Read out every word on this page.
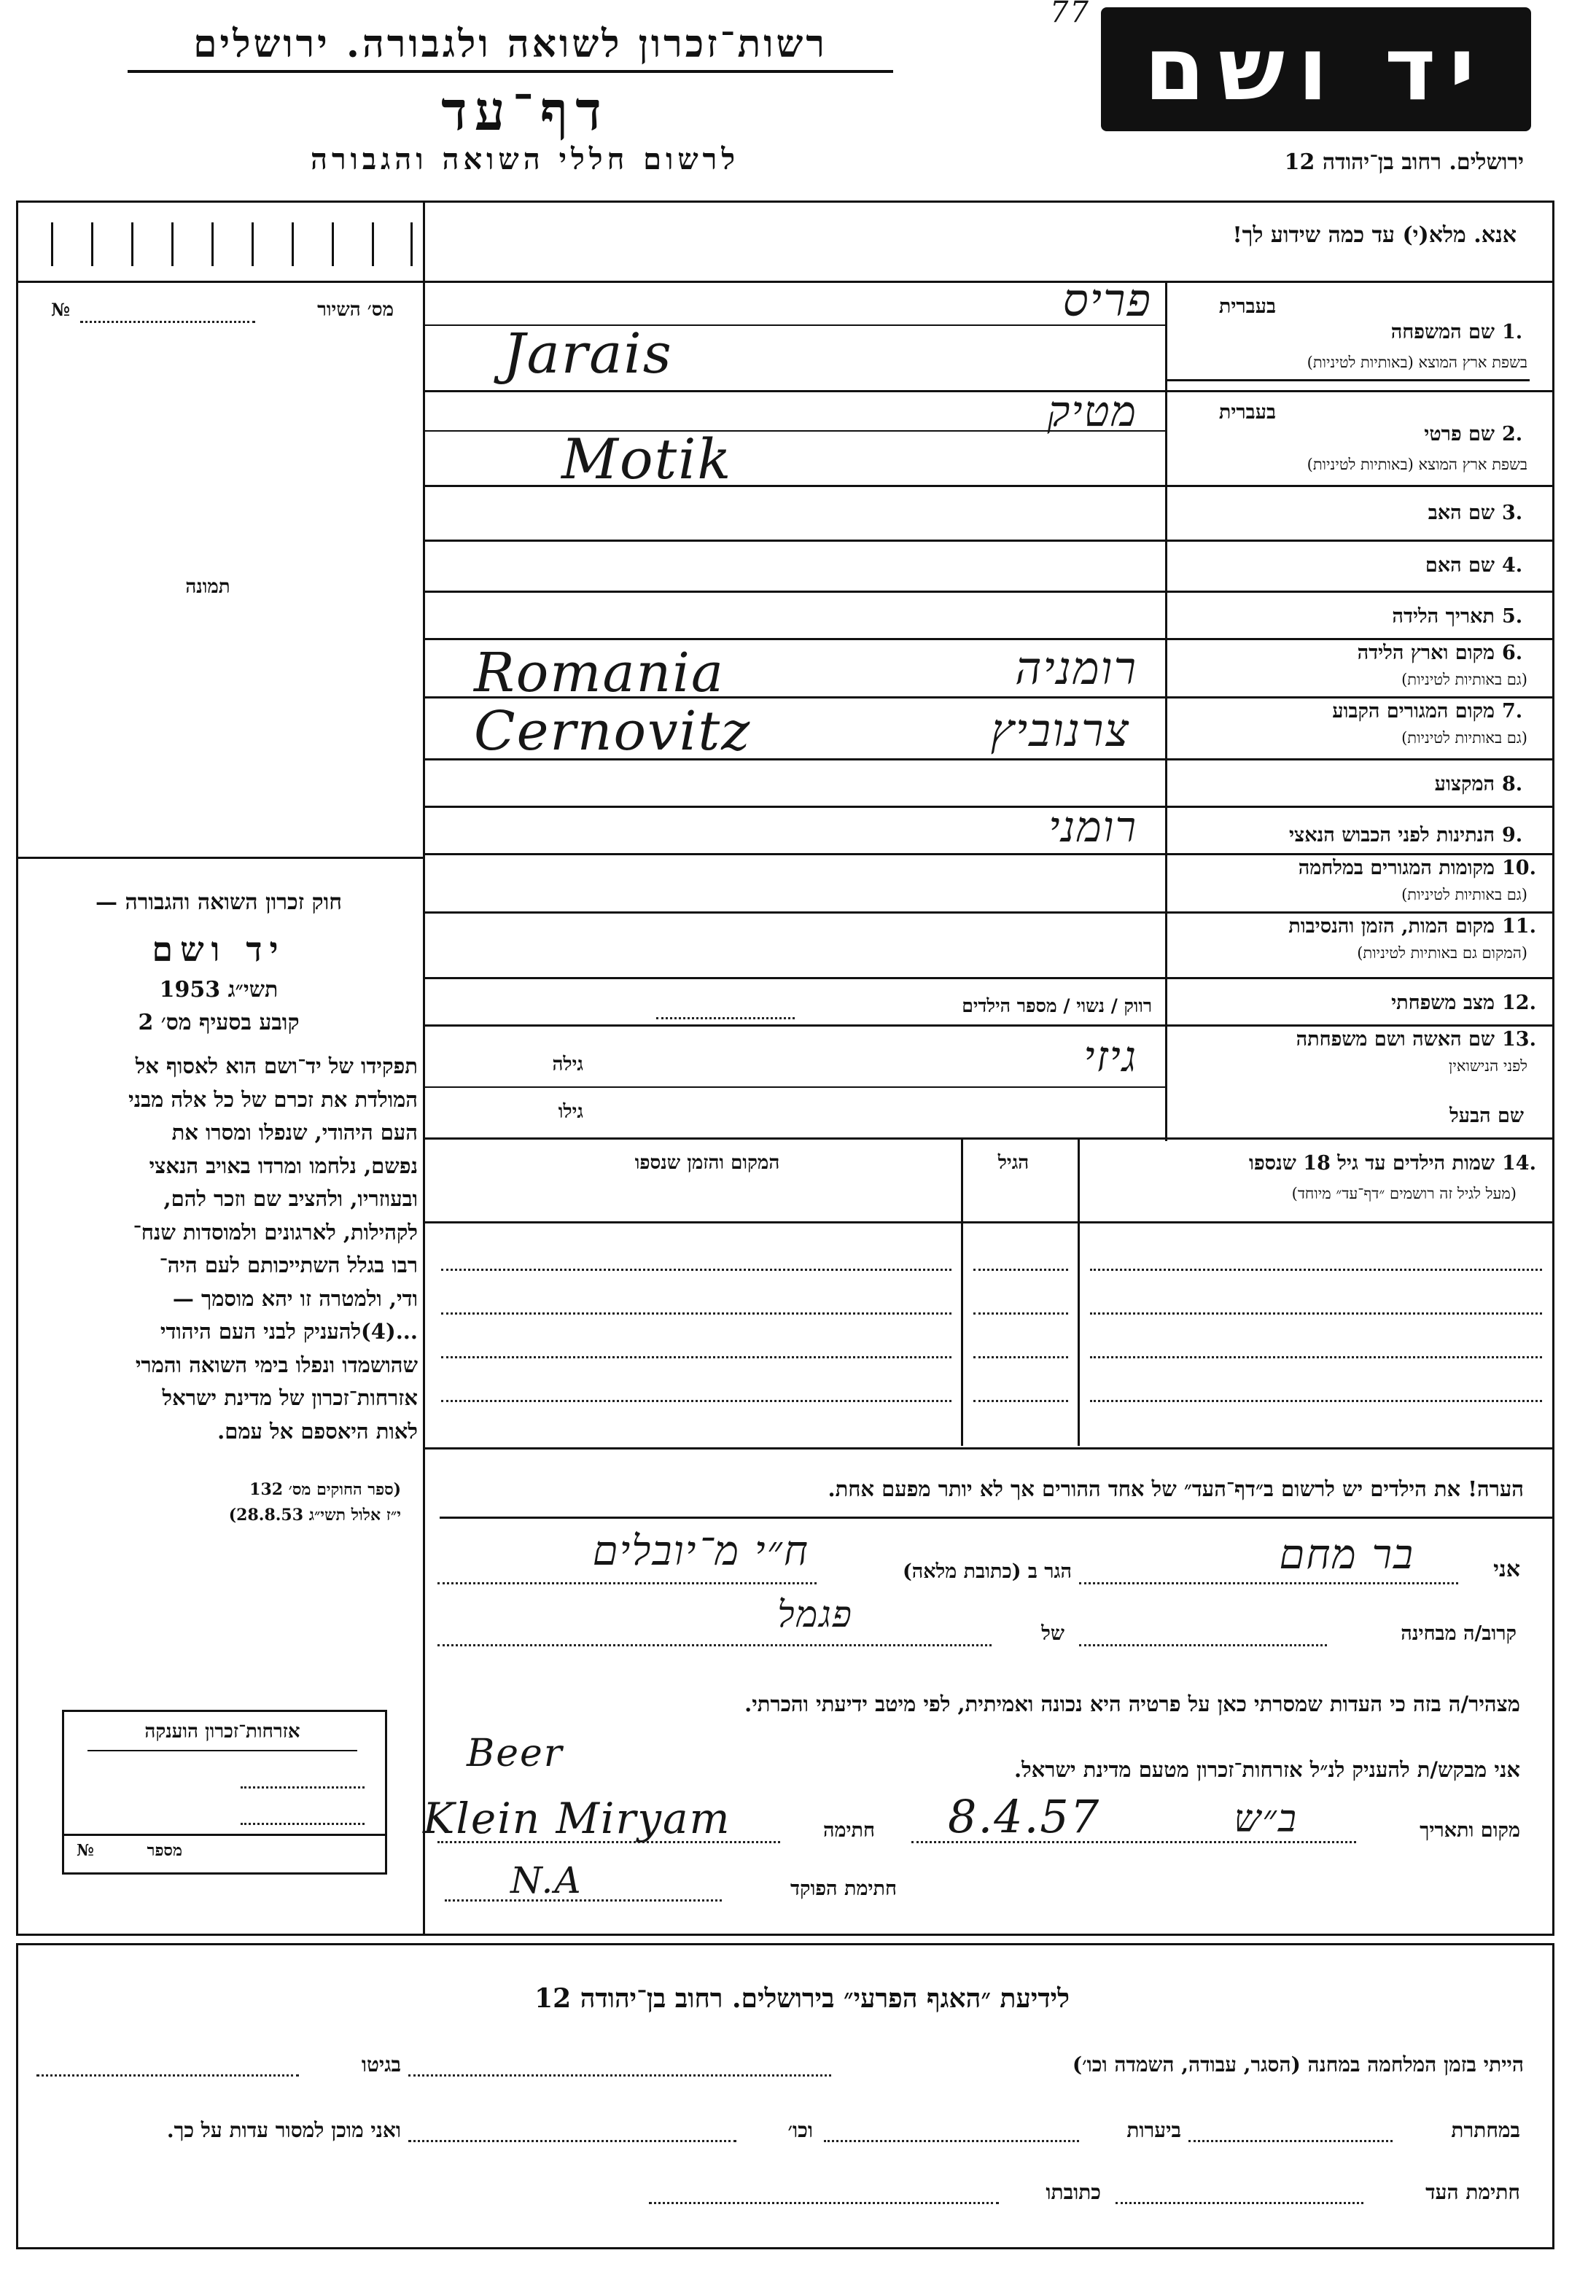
77
רשות־זכרון לשואה ולגבורה. ירושלים
דף־עד
לרשום חללי השואה והגבורה
יד ושם
ירושלים. רחוב בן־יהודה 12
אנא. מלא(י) עד כמה שידוע לך!
מס׳ השיור
№
תמונה
חוק זכרון השואה והגבורה —
יד ושם
תשי״ג 1953
קובע בסעיף מס׳ 2
תפקידו של יד־ושם הוא לאסוף אל
המולדת את זכרם של כל אלה מבני
העם היהודי, שנפלו ומסרו את
נפשם, נלחמו ומרדו באויב הנאצי
ובעוזריו, ולהציב שם וזכר להם,
לקהילות, לארגונים ולמוסדות שנח־
רבו בגלל השתייכותם לעם היה־
ודי, ולמטרה זו יהא מוסמך —
...(4)להעניק לבני העם היהודי
שהושמדו ונפלו בימי השואה והמרי
אזרחות־זכרון של מדינת ישראל
לאות היאספם אל עמם.
(ספר החוקים מס׳ 132
י״ז אלול תשי״ג 28.8.53)
אזרחות־זכרון הוענקה
מספר
№
בעברית
שם המשפחה 1.
בשפת ארץ המוצא (באותיות לטיניות)
פריס
Jarais
בעברית
שם פרטי 2.
בשפת ארץ המוצא (באותיות לטיניות)
מטיק
Motik
שם האב 3.
שם האם 4.
תאריך הלידה 5.
מקום וארץ הלידה 6.
(גם באותיות לטיניות)
Romania	רומניה
מקום המגורים הקבוע 7.
(גם באותיות לטיניות)
Cernovitz	צרנוביץ
המקצוע 8.
הנתינות לפני הכבוש הנאצי 9.
רומני
מקומות המגורים במלחמה 10.
(גם באותיות לטיניות)
מקום המות, הזמן והנסיבות 11.
(המקום גם באותיות לטיניות)
מצב משפחתי 12.
רווק / נשוי / מספר הילדים
שם האשה ושם משפחתה 13.
לפני הנישואין
גילה	גיזי
שם הבעל
גילו
שמות הילדים עד גיל 18 שנספו 14.
(מעל לגיל זה רושמים ״דף־עד״ מיוחד)
הגיל
המקום והזמן שנספו
הערה! את הילדים יש לרשום ב״דף־העד״ של אחד ההורים אך לא יותר מפעם אחת.
אני
בר מחם
הגר ב (כתובת מלאה)
ח״י מ־יובלים
קרוב/ה מבחינה
של
פגמל
מצהיר/ה בזה כי העדות שמסרתי כאן על פרטיה היא נכונה ואמיתית, לפי מיטב ידיעתי והכרתי.
אני מבקש/ת להעניק לנ״ל אזרחות־זכרון מטעם מדינת ישראל.
Beer
מקום ותאריך
8.4.57	ב״ש
חתימה
Klein Miryam
חתימת הפוקד
N.A
לידיעת ״האגף הפרעי״ בירושלים. רחוב בן־יהודה 12
הייתי בזמן המלחמה במחנה (הסגר, עבודה, השמדה וכו׳)
בגיטו
במחתרת
ביערות
וכו׳
ואני מוכן למסור עדות על כך.
חתימת העד
כתובתו
